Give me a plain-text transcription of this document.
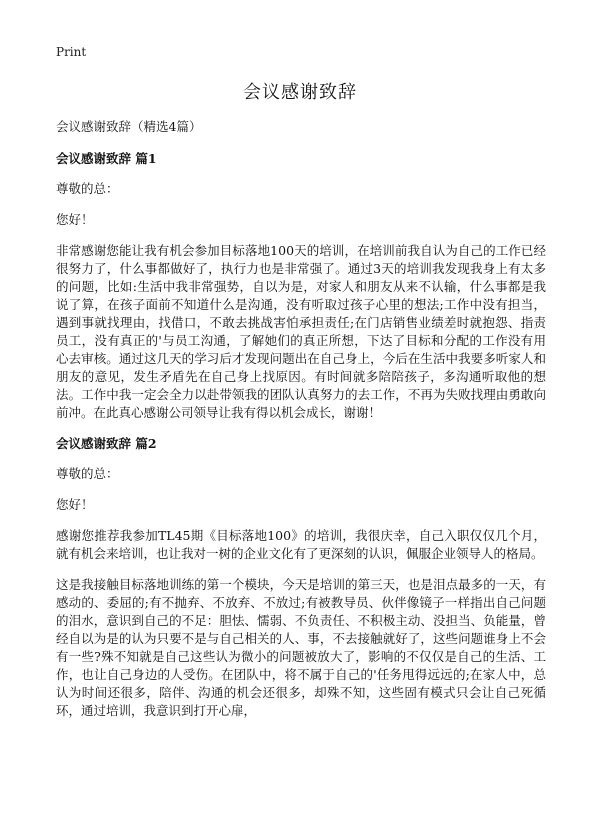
Print
会议感谢致辞

会议感谢致辞（精选4篇）

会议感谢致辞 篇1

尊敬的总：

您好！

非常感谢您能让我有机会参加目标落地100天的培训，在培训前我自认为自己的工作已经很努力了，什么事都做好了，执行力也是非常强了。通过3天的培训我发现我身上有太多的问题，比如:生活中我非常强势，自以为是，对家人和朋友从来不认输，什么事都是我说了算，在孩子面前不知道什么是沟通，没有听取过孩子心里的想法;工作中没有担当，遇到事就找理由，找借口，不敢去挑战害怕承担责任;在门店销售业绩差时就抱怨、指责员工，没有真正的'与员工沟通，了解她们的真正所想，下达了目标和分配的工作没有用心去审核。通过这几天的学习后才发现问题出在自己身上，今后在生活中我要多听家人和朋友的意见，发生矛盾先在自己身上找原因。有时间就多陪陪孩子，多沟通听取他的想法。工作中我一定会全力以赴带领我的团队认真努力的去工作，不再为失败找理由勇敢向前冲。在此真心感谢公司领导让我有得以机会成长，谢谢！

会议感谢致辞 篇2

尊敬的总：

您好！

感谢您推荐我参加TL45期《目标落地100》的培训，我很庆幸，自己入职仅仅几个月，就有机会来培训，也让我对一树的企业文化有了更深刻的认识，佩服企业领导人的格局。

这是我接触目标落地训练的第一个模块，今天是培训的第三天，也是泪点最多的一天，有感动的、委屈的;有不抛弃、不放弃、不放过;有被教导员、伙伴像镜子一样指出自己问题的泪水，意识到自己的不足：胆怯、懦弱、不负责任、不积极主动、没担当、负能量，曾经自以为是的认为只要不是与自己相关的人、事，不去接触就好了，这些问题谁身上不会有一些?殊不知就是自己这些认为微小的问题被放大了，影响的不仅仅是自己的生活、工作，也让自己身边的人受伤。在团队中，将不属于自己的'任务甩得远远的;在家人中，总认为时间还很多，陪伴、沟通的机会还很多，却殊不知，这些固有模式只会让自己死循环，通过培训，我意识到打开心扉，
